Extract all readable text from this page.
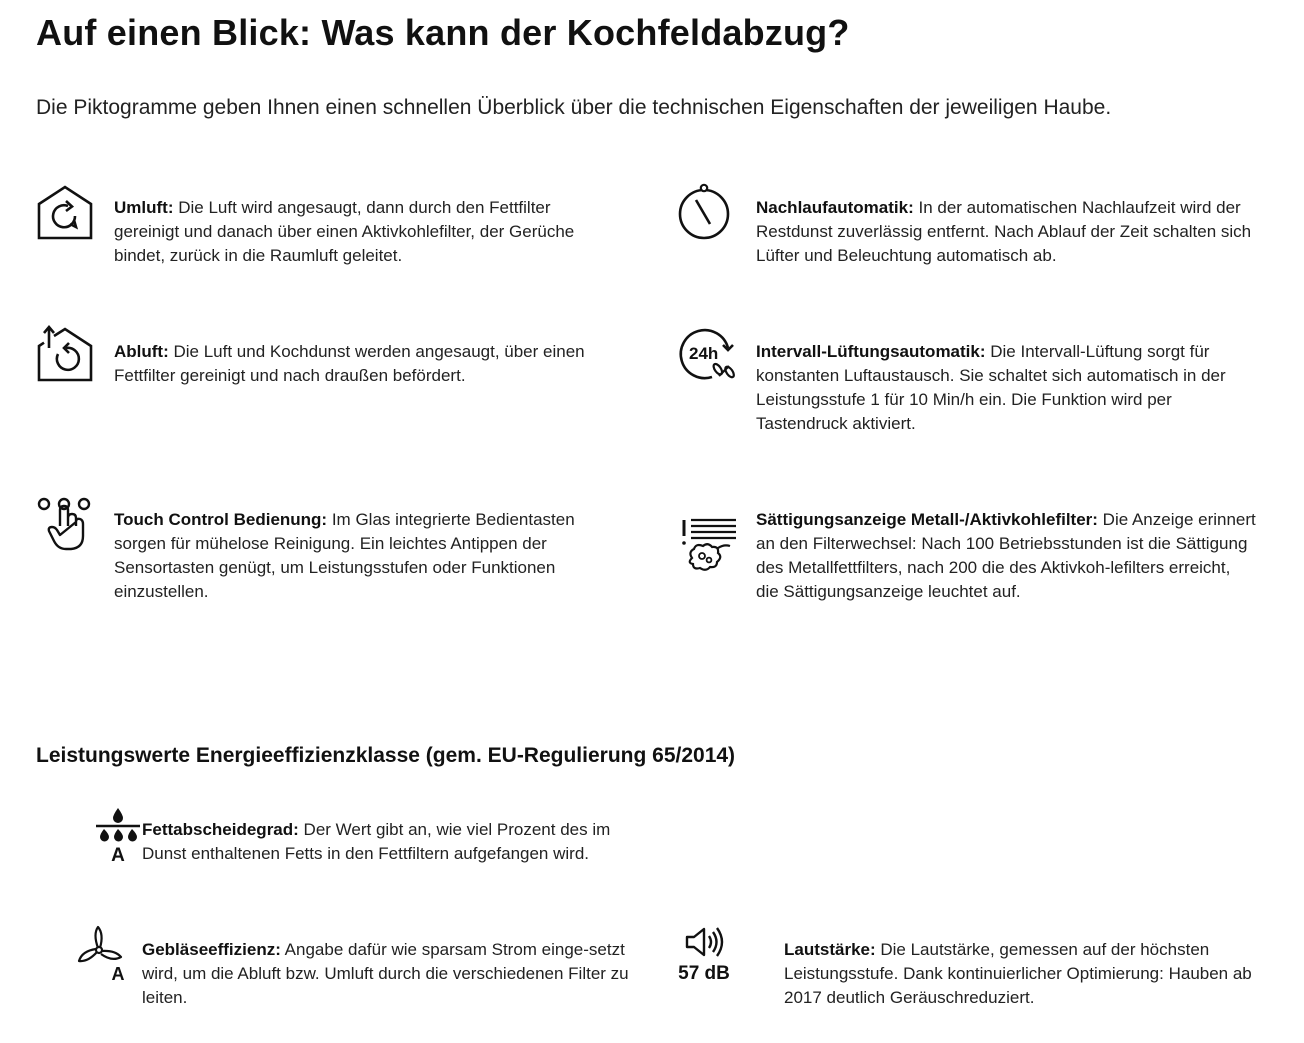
Auf einen Blick: Was kann der Kochfeldabzug?

Die Piktogramme geben Ihnen einen schnellen Überblick über die technischen Eigenschaften der jeweiligen Haube.

Umluft: Die Luft wird angesaugt, dann durch den Fettfilter gereinigt und danach über einen Aktivkohlefilter, der Gerüche bindet, zurück in die Raumluft geleitet.
Nachlaufautomatik: In der automatischen Nachlaufzeit wird der Restdunst zuverlässig entfernt. Nach Ablauf der Zeit schalten sich Lüfter und Beleuchtung automatisch ab.
Abluft: Die Luft und Kochdunst werden angesaugt, über einen Fettfilter gereinigt und nach draußen befördert.
24h Intervall-Lüftungsautomatik: Die Intervall-Lüftung sorgt für konstanten Luftaustausch. Sie schaltet sich automatisch in der Leistungsstufe 1 für 10 Min/h ein. Die Funktion wird per Tastendruck aktiviert.
Touch Control Bedienung: Im Glas integrierte Bedientasten sorgen für mühelose Reinigung. Ein leichtes Antippen der Sensortasten genügt, um Leistungsstufen oder Funktionen einzustellen.
Sättigungsanzeige Metall-/Aktivkohlefilter: Die Anzeige erinnert an den Filterwechsel: Nach 100 Betriebsstunden ist die Sättigung des Metallfettfilters, nach 200 die des Aktivkoh-lefilters erreicht, die Sättigungsanzeige leuchtet auf.
Leistungswerte Energieeffizienzklasse (gem. EU-Regulierung 65/2014)
A
Fettabscheidegrad: Der Wert gibt an, wie viel Prozent des im Dunst enthaltenen Fetts in den Fettfiltern aufgefangen wird.
A
Gebläseeffizienz: Angabe dafür wie sparsam Strom einge-setzt wird, um die Abluft bzw. Umluft durch die verschiedenen Filter zu leiten.
57 dB
Lautstärke: Die Lautstärke, gemessen auf der höchsten Leistungsstufe. Dank kontinuierlicher Optimierung: Hauben ab 2017 deutlich Geräuschreduziert.
